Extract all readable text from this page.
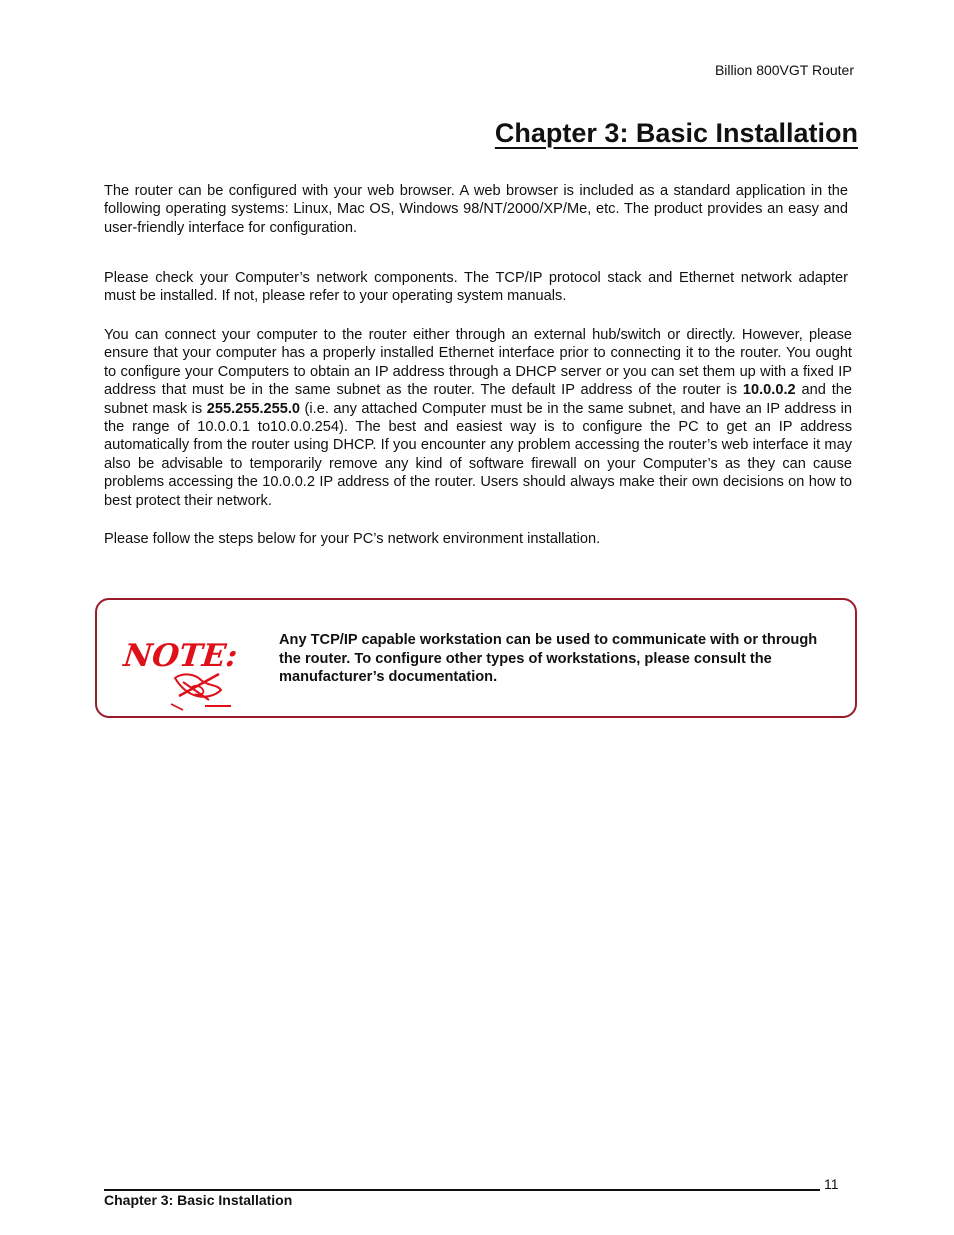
Billion 800VGT Router
Chapter 3: Basic Installation

The router can be configured with your web browser. A web browser is included as a standard application in the following operating systems: Linux, Mac OS, Windows 98/NT/2000/XP/Me, etc. The product provides an easy and user-friendly interface for configuration.

Please check your Computer’s network components. The TCP/IP protocol stack and Ethernet network adapter must be installed. If not, please refer to your operating system manuals.

You can connect your computer to the router either through an external hub/switch or directly. However, please ensure that your computer has a properly installed Ethernet interface prior to connecting it to the router. You ought to configure your Computers to obtain an IP address through a DHCP server or you can set them up with a fixed IP address that must be in the same subnet as the router. The default IP address of the router is 10.0.0.2 and the subnet mask is 255.255.255.0 (i.e. any attached Computer must be in the same subnet, and have an IP address in the range of 10.0.0.1 to10.0.0.254). The best and easiest way is to configure the PC to get an IP address automatically from the router using DHCP. If you encounter any problem accessing the router’s web interface it may also be advisable to temporarily remove any kind of software firewall on your Computer’s as they can cause problems accessing the 10.0.0.2 IP address of the router. Users should always make their own decisions on how to best protect their network.

Please follow the steps below for your PC’s network environment installation.

NOTE:	Any TCP/IP capable workstation can be used to communicate with or through the router. To configure other types of workstations, please consult the manufacturer’s documentation.

11
Chapter 3: Basic Installation
